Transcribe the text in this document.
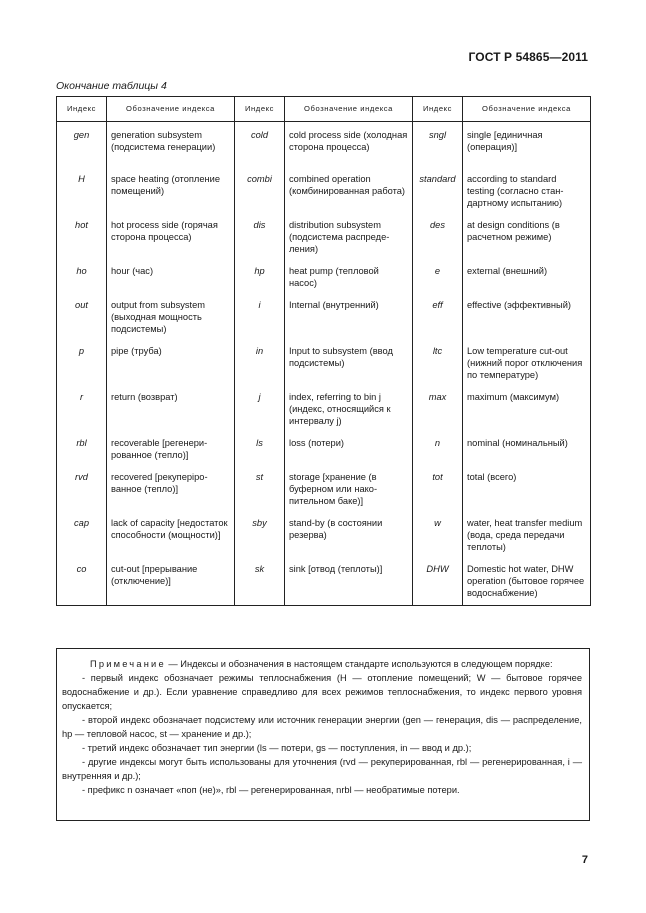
ГОСТ Р 54865—2011
Окончание таблицы 4
Индекс	Обозначение индекса	Индекс	Обозначение индекса	Индекс	Обозначение индекса
gen	generation subsystem (подсистема генерации)	cold	cold process side (холодная сторона процесса)	sngl	single [единичная (операция)]
H	space heating (отопление помещений)	combi	combined operation (комбинированная работа)	standard	according to standard testing (согласно стандартному испытанию)
hot	hot process side (горячая сторона процесса)	dis	distribution subsystem (подсистема распределения)	des	at design conditions (в расчетном режиме)
ho	hour (час)	hp	heat pump (тепловой насос)	e	external (внешний)
out	output from subsystem (выходная мощность подсистемы)	i	Internal (внутренний)	eff	effective (эффективный)
p	pipe (труба)	in	Input to subsystem (ввод подсистемы)	ltc	Low temperature cut-out (нижний порог отключения по температуре)
r	return (возврат)	j	index, referring to bin j (индекс, относящийся к интервалу j)	max	maximum (максимум)
rbl	recoverable [регенерированное (тепло)]	ls	loss (потери)	n	nominal (номинальный)
rvd	recovered [рекуперiрованное (тепло)]	st	storage [хранение (в буферном или накопительном баке)]	tot	total (всего)
cap	lack of capacity [недостаток способности (мощности)]	sby	stand-by (в состоянии резерва)	w	water, heat transfer medium (вода, среда передачи теплоты)
co	cut-out [прерывание (отключение)]	sk	sink [отвод (теплоты)]	DHW	Domestic hot water, DHW operation (бытовое горячее водоснабжение)

Примечание — Индексы и обозначения в настоящем стандарте используются в следующем порядке:

- первый индекс обозначает режимы теплоснабжения (H — отопление помещений; W — бытовое горячее водоснабжение и др.). Если уравнение справедливо для всех режимов теплоснабжения, то индекс первого уровня опускается;

- второй индекс обозначает подсистему или источник генерации энергии (gen — генерация, dis — распределение, hp — тепловой насос, st — хранение и др.);

- третий индекс обозначает тип энергии (ls — потери, gs — поступления, in — ввод и др.);

- другие индексы могут быть использованы для уточнения (rvd — рекуперированная, rbl — регенерированная, i — внутренняя и др.);

- префикс n означает «поп (не)», rbl — регенерированная, nrbl — необратимые потери.

7
